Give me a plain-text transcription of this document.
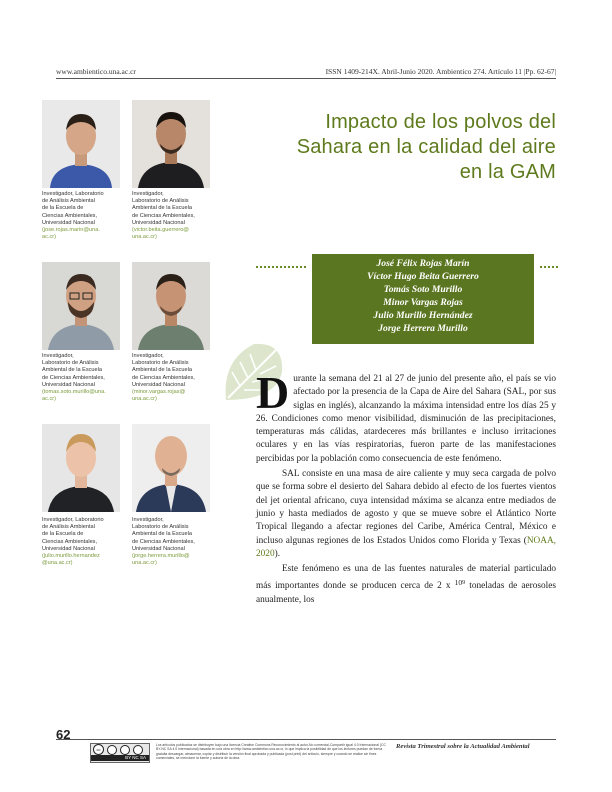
www.ambientico.una.ac.cr	ISSN 1409-214X. Abril-Junio 2020. Ambientico 274. Artículo 11 |Pp. 62-67|
Impacto de los polvos del
Sahara en la calidad del aire
en la GAM
Investigador, Laboratorio
de Análisis Ambiental
de la Escuela de
Ciencias Ambientales,
Universidad Nacional
(jose.rojas.marin@una.
ac.cr)
Investigador,
Laboratorio de Análisis
Ambiental de la Escuela
de Ciencias Ambientales,
Universidad Nacional
(victor.beita.guerrero@
una.ac.cr)
Investigador,
Laboratorio de Análisis
Ambiental de la Escuela
de Ciencias Ambientales,
Universidad Nacional
(tomas.soto.murillo@una.
ac.cr)
Investigador,
Laboratorio de Análisis
Ambiental de la Escuela
de Ciencias Ambientales,
Universidad Nacional
(minor.vargas.rojas@
una.ac.cr)
Investigador, Laboratorio
de Análisis Ambiental
de la Escuela de
Ciencias Ambientales,
Universidad Nacional
(julio.murillo.hernandez
@una.ac.cr)
Investigador,
Laboratorio de Análisis
Ambiental de la Escuela
de Ciencias Ambientales,
Universidad Nacional
(jorge.herrera.murillo@
una.ac.cr)
José Félix Rojas Marín
Víctor Hugo Beita Guerrero
Tomás Soto Murillo
Minor Vargas Rojas
Julio Murillo Hernández
Jorge Herrera Murillo

Durante la semana del 21 al 27 de junio del presente año, el país se vio afectado por la presencia de la Capa de Aire del Sahara (SAL, por sus siglas en inglés), alcanzando la máxima intensidad entre los días 25 y 26. Condiciones como menor visibilidad, disminución de las precipitaciones, temperaturas más cálidas, atardeceres más brillantes e incluso irritaciones oculares y en las vías respiratorias, fueron parte de las manifestaciones percibidas por la población como consecuencia de este fenómeno.

SAL consiste en una masa de aire caliente y muy seca cargada de polvo que se forma sobre el desierto del Sahara debido al efecto de los fuertes vientos del jet oriental africano, cuya intensidad máxima se alcanza entre mediados de junio y hasta mediados de agosto y que se mueve sobre el Atlántico Norte Tropical llegando a afectar regiones del Caribe, América Central, México e incluso algunas regiones de los Estados Unidos como Florida y Texas (NOAA, 2020).

Este fenómeno es una de las fuentes naturales de material particulado más importantes donde se producen cerca de 2 x $^{109}$ toneladas de aerosoles anualmente, los

62
cc
BY NC SA
Los artículos publicados se distribuyen bajo una licencia Creative Commons Reconocimiento al autor-No comercial-Compartir igual 4.0 Internacional (CC BY-NC SA 4.0 Internacional) basada en una obra en http://www.ambientico.una.ac.cr, lo que implica la posibilidad de que los lectores puedan de forma gratuita descargar, almacenar, copiar y distribuir la versión final aprobada y publicada (post print) del artículo, siempre y cuando se realice sin fines comerciales, se mencione la fuente y autoría de la obra.
Revista Trimestral sobre la Actualidad Ambiental
